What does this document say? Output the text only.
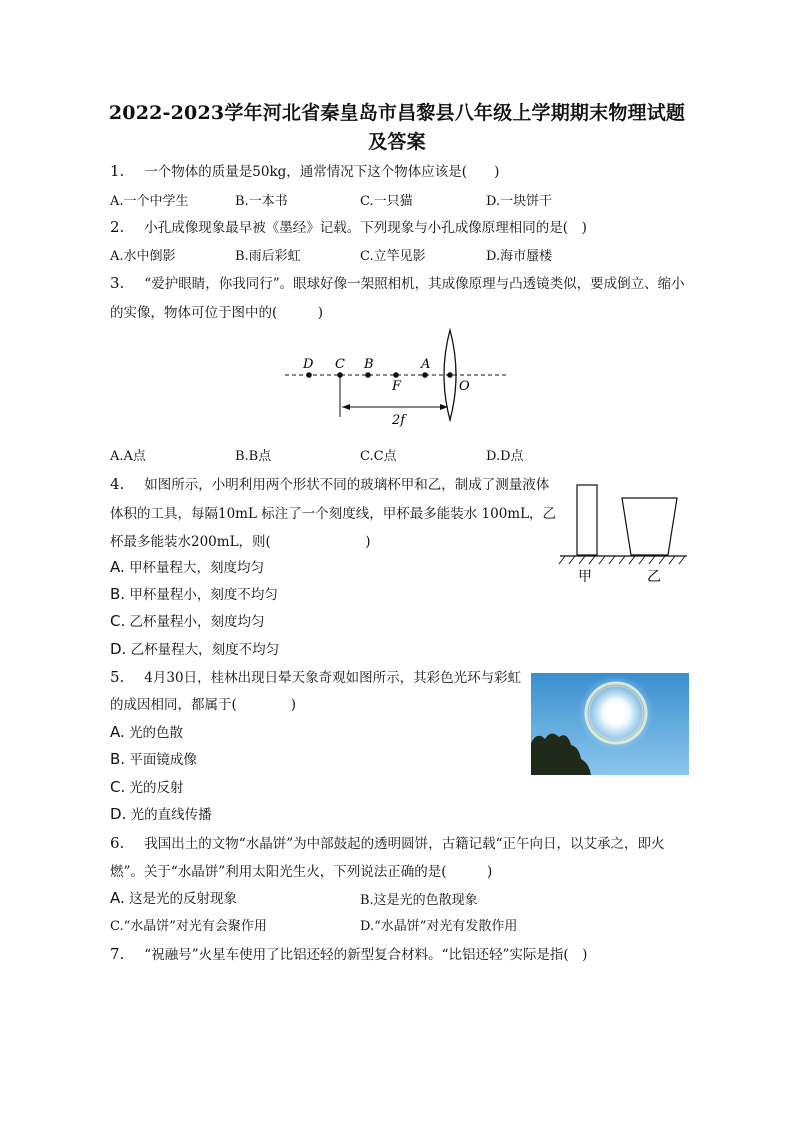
2022-2023学年河北省秦皇岛市昌黎县八年级上学期期末物理试题
及答案
1. 一个物体的质量是50kg，通常情况下这个物体应该是(　　)
A.一个中学生	B.一本书	C.一只猫	D.一块饼干
2. 小孔成像现象最早被《墨经》记载。下列现象与小孔成像原理相同的是(　)
A.水中倒影	B.雨后彩虹	C.立竿见影	D.海市蜃楼
3. “爱护眼睛，你我同行”。眼球好像一架照相机，其成像原理与凸透镜类似，要成倒立、缩小
的实像，物体可位于图中的(　　　)
D C B	A
F	O
2f
A.A点	B.B点	C.C点	D.D点
4. 如图所示，小明利用两个形状不同的玻璃杯甲和乙，制成了测量液体
体积的工具，每隔10mL 标注了一个刻度线，甲杯最多能装水 100mL，乙
杯最多能装水200mL，则(　　　　　　　)
甲	乙
A. 甲杯量程大，刻度均匀
B. 甲杯量程小，刻度不均匀
C. 乙杯量程小，刻度均匀
D. 乙杯量程大，刻度不均匀
5. 4月30日，桂林出现日晕天象奇观如图所示，其彩色光环与彩虹
的成因相同，都属于(　　　　)
A. 光的色散
B. 平面镜成像
C. 光的反射
D. 光的直线传播
6. 我国出土的文物“水晶饼”为中部鼓起的透明圆饼，古籍记载“正午向日，以艾承之，即火
燃”。关于“水晶饼”利用太阳光生火，下列说法正确的是(　　　)
A. 这是光的反射现象	B.这是光的色散现象
C.“水晶饼”对光有会聚作用	D.“水晶饼”对光有发散作用
7. “祝融号”火星车使用了比铝还轻的新型复合材料。“比铝还轻”实际是指(　)
